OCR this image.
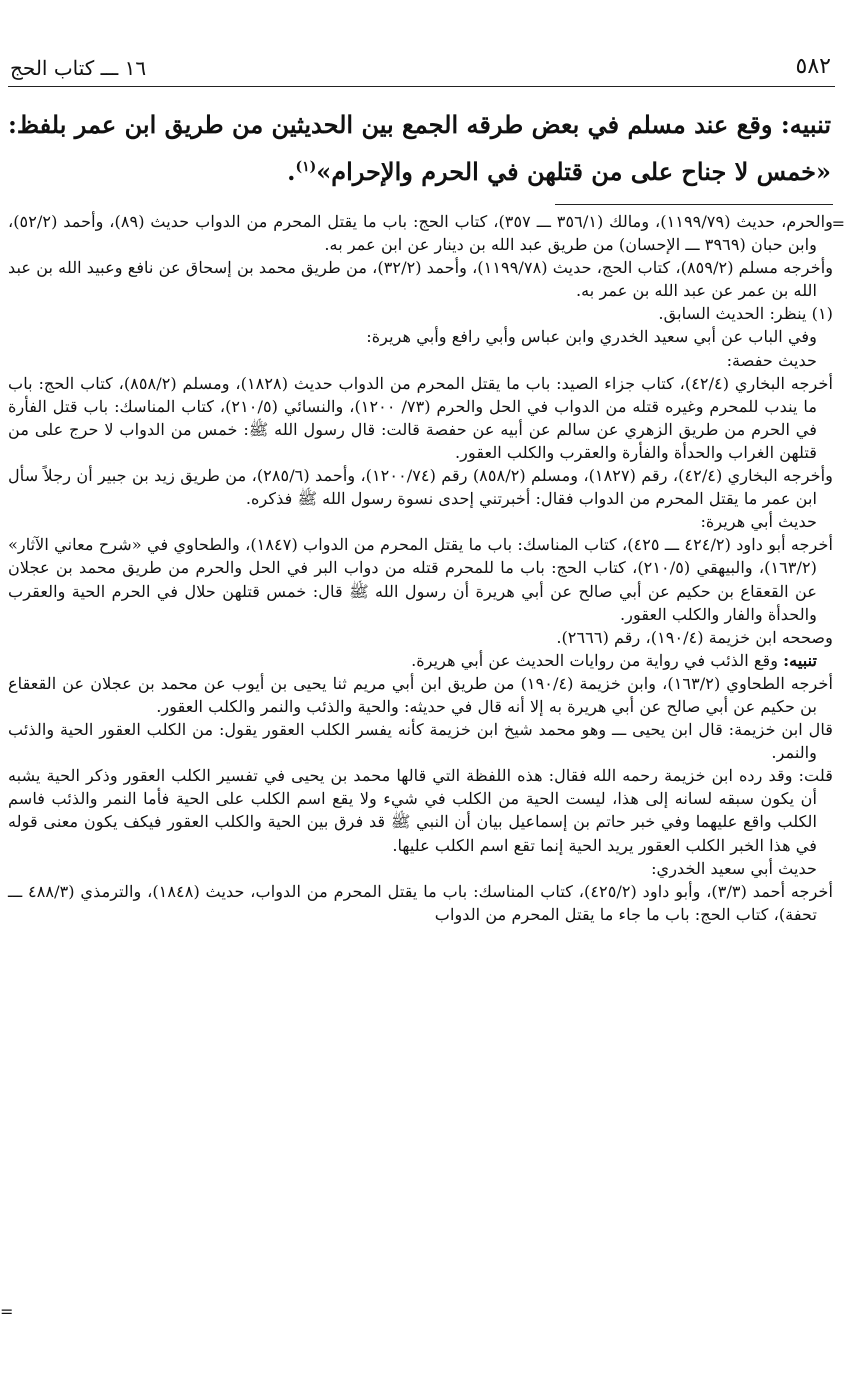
٥٨٢
١٦ ـــ كتاب الحج
تنبيه: وقع عند مسلم في بعض طرقه الجمع بين الحديثين من طريق ابن عمر بلفظ: «خمس لا جناح على من قتلهن في الحرم والإحرام»$^{(١)}$.
=

والحرم، حديث (١١٩٩/٧٩)، ومالك (٣٥٦/١ ـــ ٣٥٧)، كتاب الحج: باب ما يقتل المحرم من الدواب حديث (٨٩)، وأحمد (٥٢/٢)، وابن حبان (٣٩٦٩ ـــ الإحسان) من طريق عبد الله بن دينار عن ابن عمر به.

وأخرجه مسلم (٨٥٩/٢)، كتاب الحج، حديث (١١٩٩/٧٨)، وأحمد (٣٢/٢)، من طريق محمد بن إسحاق عن نافع وعبيد الله بن عبد الله بن عمر عن عبد الله بن عمر به.

(١) ينظر: الحديث السابق.

وفي الباب عن أبي سعيد الخدري وابن عباس وأبي رافع وأبي هريرة:

حديث حفصة:

أخرجه البخاري (٤٢/٤)، كتاب جزاء الصيد: باب ما يقتل المحرم من الدواب حديث (١٨٢٨)، ومسلم (٨٥٨/٢)، كتاب الحج: باب ما يندب للمحرم وغيره قتله من الدواب في الحل والحرم (٧٣/ ١٢٠٠)، والنسائي (٢١٠/٥)، كتاب المناسك: باب قتل الفأرة في الحرم من طريق الزهري عن سالم عن أبيه عن حفصة قالت: قال رسول الله ﷺ: خمس من الدواب لا حرج على من قتلهن الغراب والحدأة والفأرة والعقرب والكلب العقور.

وأخرجه البخاري (٤٢/٤)، رقم (١٨٢٧)، ومسلم (٨٥٨/٢) رقم (١٢٠٠/٧٤)، وأحمد (٢٨٥/٦)، من طريق زيد بن جبير أن رجلاً سأل ابن عمر ما يقتل المحرم من الدواب فقال: أخبرتني إحدى نسوة رسول الله ﷺ فذكره.

حديث أبي هريرة:

أخرجه أبو داود (٤٢٤/٢ ـــ ٤٢٥)، كتاب المناسك: باب ما يقتل المحرم من الدواب (١٨٤٧)، والطحاوي في «شرح معاني الآثار» (١٦٣/٢)، والبيهقي (٢١٠/٥)، كتاب الحج: باب ما للمحرم قتله من دواب البر في الحل والحرم من طريق محمد بن عجلان عن القعقاع بن حكيم عن أبي صالح عن أبي هريرة أن رسول الله ﷺ قال: خمس قتلهن حلال في الحرم الحية والعقرب والحدأة والفار والكلب العقور.

وصححه ابن خزيمة (١٩٠/٤)، رقم (٢٦٦٦).

تنبيه: وقع الذئب في رواية من روايات الحديث عن أبي هريرة.

أخرجه الطحاوي (١٦٣/٢)، وابن خزيمة (١٩٠/٤) من طريق ابن أبي مريم ثنا يحيى بن أيوب عن محمد بن عجلان عن القعقاع بن حكيم عن أبي صالح عن أبي هريرة به إلا أنه قال في حديثه: والحية والذئب والنمر والكلب العقور.

قال ابن خزيمة: قال ابن يحيى ـــ وهو محمد شيخ ابن خزيمة كأنه يفسر الكلب العقور يقول: من الكلب العقور الحية والذئب والنمر.

قلت: وقد رده ابن خزيمة رحمه الله فقال: هذه اللفظة التي قالها محمد بن يحيى في تفسير الكلب العقور وذكر الحية يشبه أن يكون سبقه لسانه إلى هذا، ليست الحية من الكلب في شيء ولا يقع اسم الكلب على الحية فأما النمر والذئب فاسم الكلب واقع عليهما وفي خبر حاتم بن إسماعيل بيان أن النبي ﷺ قد فرق بين الحية والكلب العقور فيكف يكون معنى قوله في هذا الخبر الكلب العقور يريد الحية إنما تقع اسم الكلب عليها.

حديث أبي سعيد الخدري:

أخرجه أحمد (٣/٣)، وأبو داود (٤٢٥/٢)، كتاب المناسك: باب ما يقتل المحرم من الدواب، حديث (١٨٤٨)، والترمذي (٤٨٨/٣ ـــ تحفة)، كتاب الحج: باب ما جاء ما يقتل المحرم من الدواب

=
